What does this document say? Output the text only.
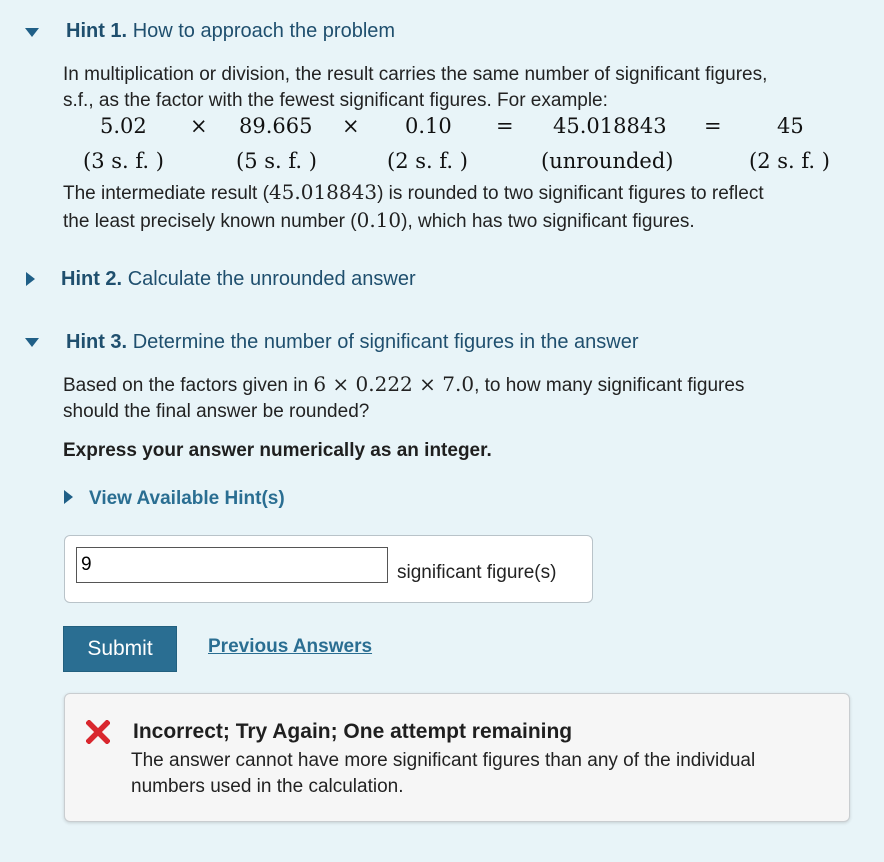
Hint 1. How to approach the problem
In multiplication or division, the result carries the same number of significant figures,
s.f., as the factor with the fewest significant figures. For example:
5.02 × 89.665 × 0.10 = 45.018843 =	45
(3 s. f. )	(5 s. f. )	(2 s. f. )	(unrounded)	(2 s. f. )
The intermediate result (45.018843) is rounded to two significant figures to reflect
the least precisely known number (0.10), which has two significant figures.
Hint 2. Calculate the unrounded answer
Hint 3. Determine the number of significant figures in the answer
Based on the factors given in 6 × 0.222 × 7.0, to how many significant figures
should the final answer be rounded?
Express your answer numerically as an integer.
View Available Hint(s)
9
significant figure(s)
Submit	Previous Answers
Incorrect; Try Again; One attempt remaining
The answer cannot have more significant figures than any of the individual
numbers used in the calculation.
